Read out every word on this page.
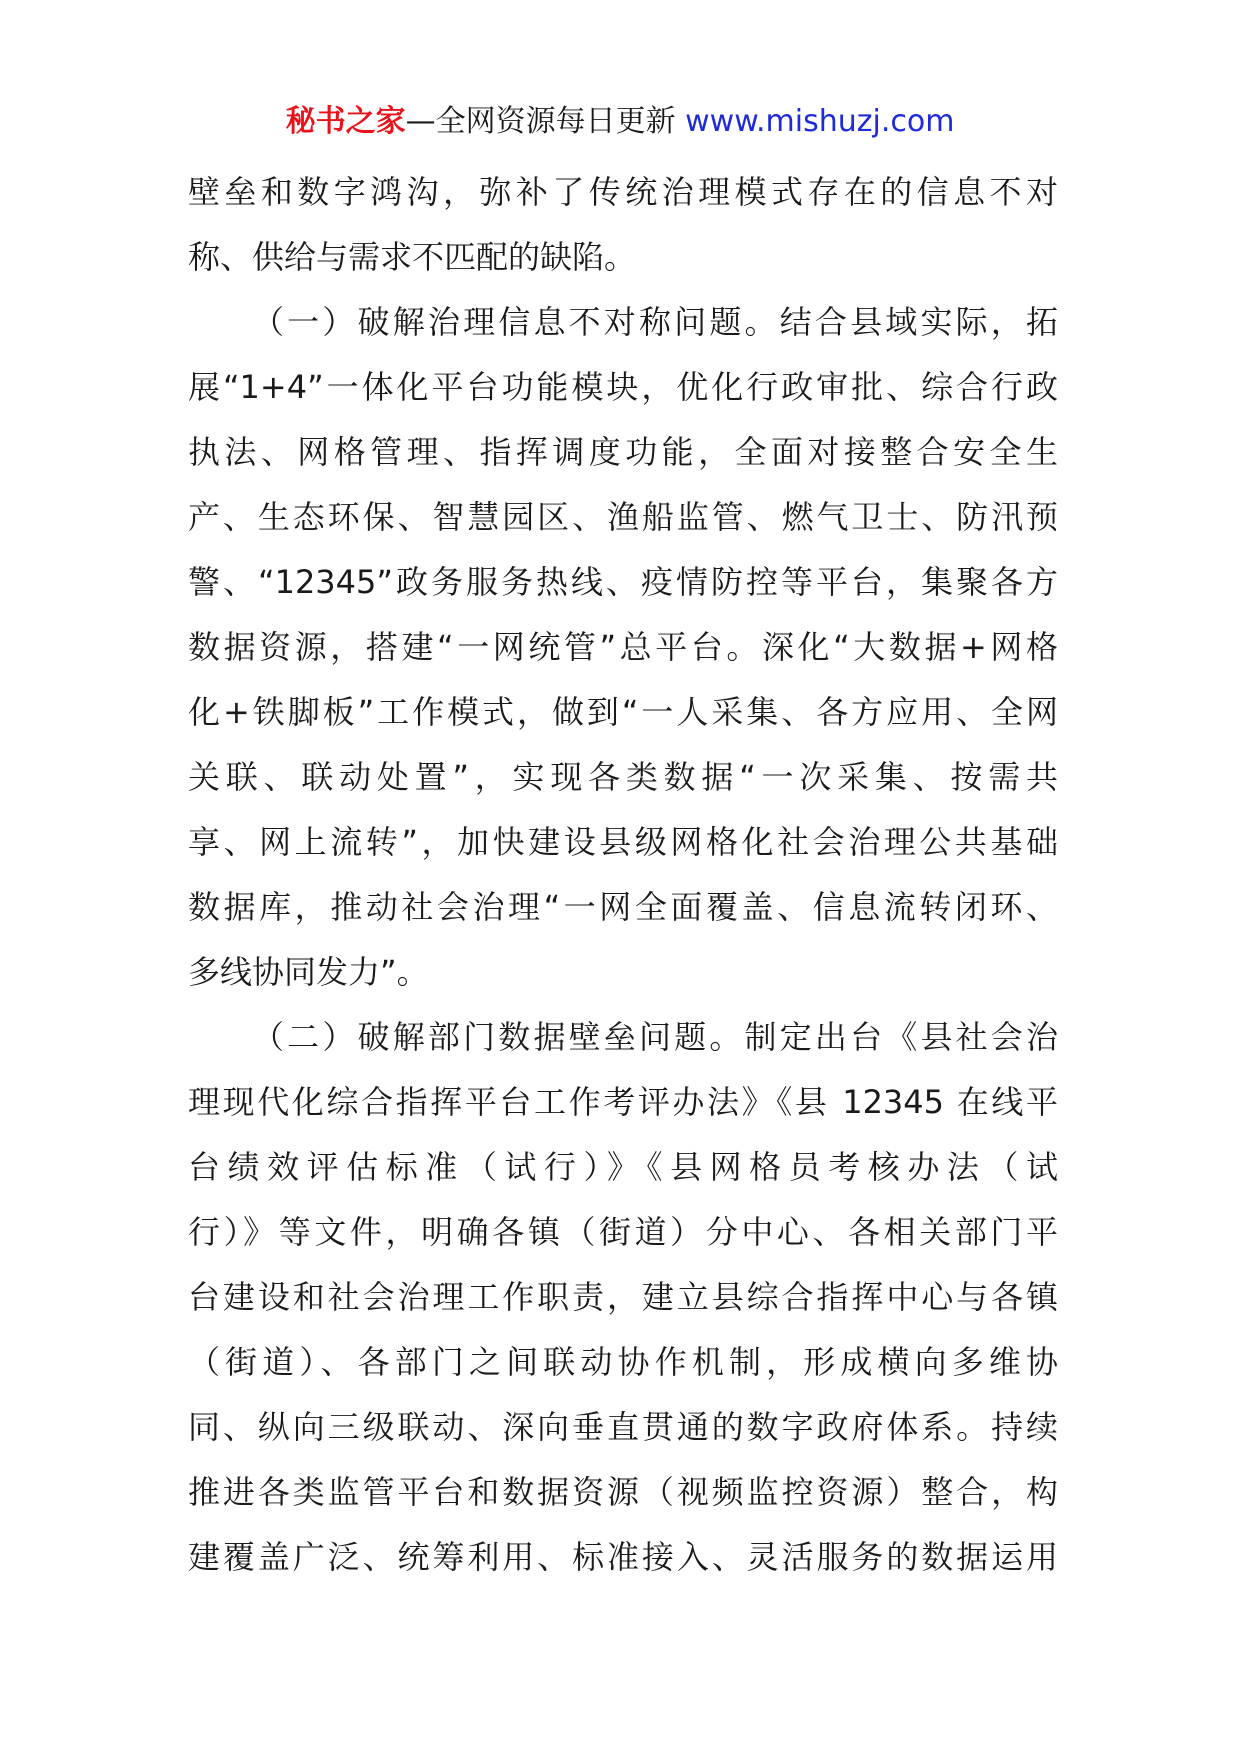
秘书之家—全网资源每日更新 www.mishuzj.com
壁垒和数字鸿沟，弥补了传统治理模式存在的信息不对
称、供给与需求不匹配的缺陷。
（一）破解治理信息不对称问题。结合县域实际，拓
展“1+4”一体化平台功能模块，优化行政审批、综合行政
执法、网格管理、指挥调度功能，全面对接整合安全生
产、生态环保、智慧园区、渔船监管、燃气卫士、防汛预
警、“12345”政务服务热线、疫情防控等平台，集聚各方
数据资源，搭建“一网统管”总平台。深化“大数据+网格
化+铁脚板”工作模式，做到“一人采集、各方应用、全网
关联、联动处置”，实现各类数据“一次采集、按需共
享、网上流转”，加快建设县级网格化社会治理公共基础
数据库，推动社会治理“一网全面覆盖、信息流转闭环、
多线协同发力”。
（二）破解部门数据壁垒问题。制定出台《县社会治
理现代化综合指挥平台工作考评办法》《县 12345 在线平
台绩效评估标准（试行）》《县网格员考核办法（试
行）》等文件，明确各镇（街道）分中心、各相关部门平
台建设和社会治理工作职责，建立县综合指挥中心与各镇
（街道）、各部门之间联动协作机制，形成横向多维协
同、纵向三级联动、深向垂直贯通的数字政府体系。持续
推进各类监管平台和数据资源（视频监控资源）整合，构
建覆盖广泛、统筹利用、标准接入、灵活服务的数据运用
